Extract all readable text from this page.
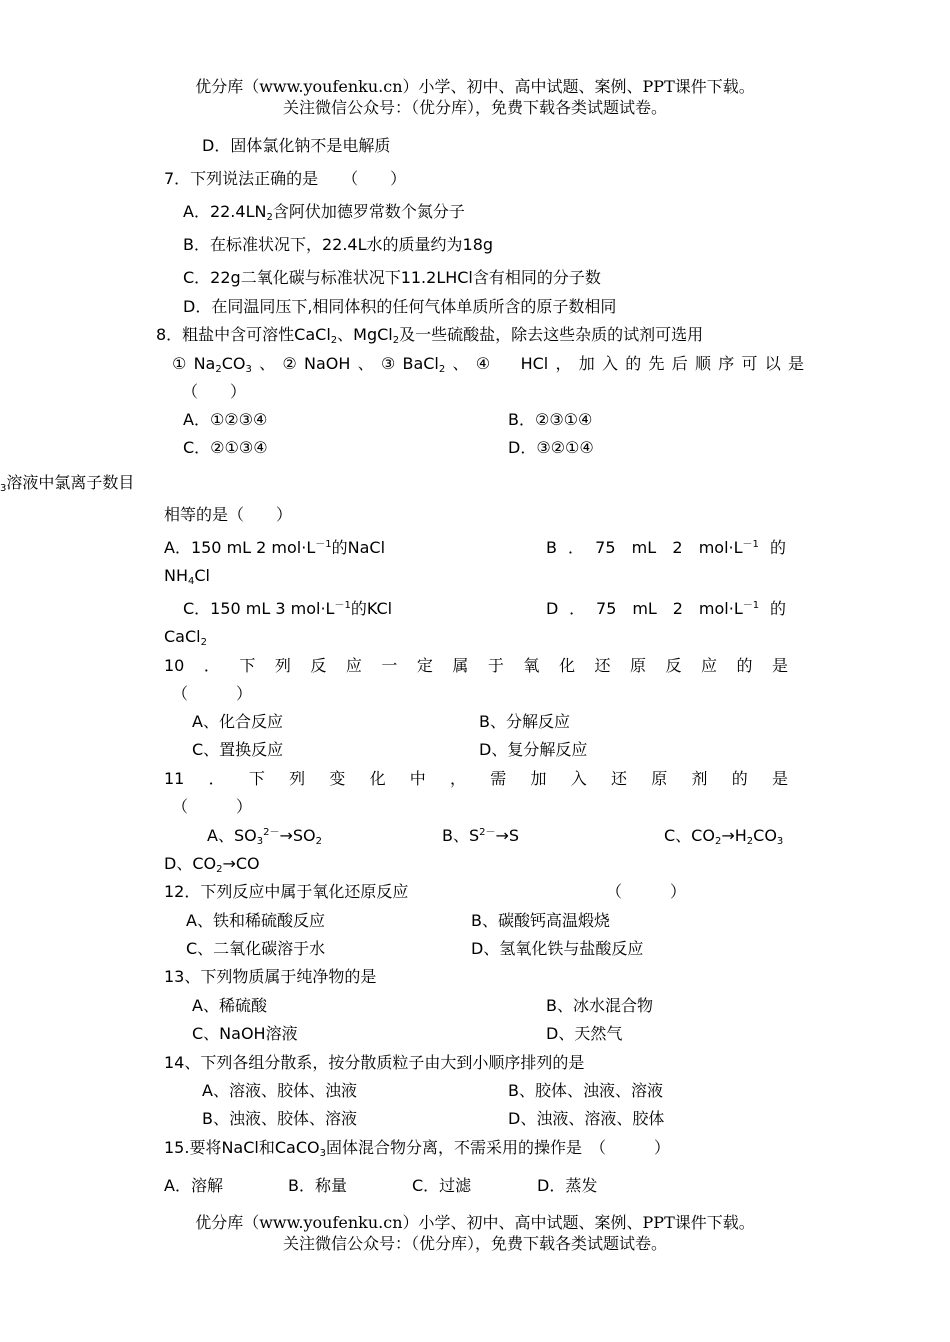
优分库（www.youfenku.cn）小学、初中、高中试题、案例、PPT课件下载。
关注微信公众号：（优分库），免费下载各类试题试卷。
D．固体氯化钠不是电解质
7．下列说法正确的是　　（　　）
A．22.4LN2含阿伏加德罗常数个氮分子
B．在标准状况下，22.4L水的质量约为18g
C．22g二氧化碳与标准状况下11.2LHCl含有相同的分子数
D．在同温同压下,相同体积的任何气体单质所含的原子数相同
8．粗盐中含可溶性CaCl2、MgCl2及一些硫酸盐，除去这些杂质的试剂可选用
①Na2CO3、②NaOH、③BaCl2、④　HCl，加入的先后顺序可以是
（　　）
A．①②③④	B．②③①④
C．②①③④	D．③②①④
3溶液中氯离子数目
相等的是（　　）
A．150 mL 2 $mol\cdot L^{-1}$的NaCl	B．75 mL 2 $mol\cdot L^{-1}$的
NH4Cl
C．150 mL 3 $mol\cdot L^{-1}$的KCl	D．75 mL 2 $mol\cdot L^{-1}$的
CaCl2
10．下列反应一定属于氧化还原反应的是
（　　　）
A、化合反应	B、分解反应
C、置换反应	D、复分解反应
11．下列变化中，需加入还原剂的是
（　　　）
A、$SO3^{2-}\to SO2$	B、$S^{2-}\to S$	C、CO2→H2CO3
D、CO2→CO
12．下列反应中属于氧化还原反应	（　　　）
A、铁和稀硫酸反应	B、碳酸钙高温煅烧
C、二氧化碳溶于水	D、氢氧化铁与盐酸反应
13、下列物质属于纯净物的是
A、稀硫酸	B、冰水混合物
C、NaOH溶液	D、天然气
14、下列各组分散系，按分散质粒子由大到小顺序排列的是
A、溶液、胶体、浊液	B、胶体、浊液、溶液
B、浊液、胶体、溶液	D、浊液、溶液、胶体
15.要将NaCl和CaCO3固体混合物分离，不需采用的操作是　（　　　）
A．溶解	B．称量	C．过滤	D．蒸发
优分库（www.youfenku.cn）小学、初中、高中试题、案例、PPT课件下载。
关注微信公众号：（优分库），免费下载各类试题试卷。
